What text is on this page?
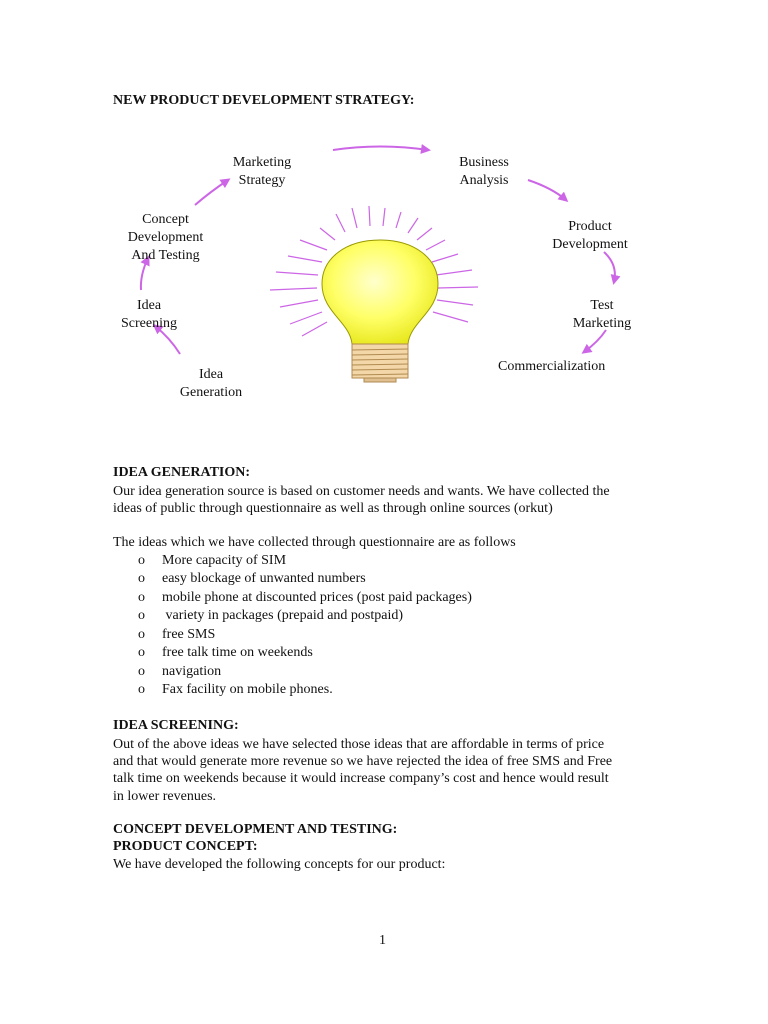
NEW PRODUCT DEVELOPMENT STRATEGY:
Marketing Strategy
Business Analysis
Concept Development And Testing
Product Development
Idea Screening
Test Marketing
Idea Generation
Commercialization
IDEA GENERATION:
Our idea generation source is based on customer needs and wants. We have collected the
ideas of public through questionnaire as well as through online sources (orkut)
The ideas which we have collected through questionnaire are as follows
o More capacity of SIM
o easy blockage of unwanted numbers
o mobile phone at discounted prices (post paid packages)
o variety in packages (prepaid and postpaid)
o free SMS
o free talk time on weekends
o navigation
o Fax facility on mobile phones.
IDEA SCREENING:
Out of the above ideas we have selected those ideas that are affordable in terms of price
and that would generate more revenue so we have rejected the idea of free SMS and Free
talk time on weekends because it would increase company’s cost and hence would result
in lower revenues.
CONCEPT DEVELOPMENT AND TESTING:
PRODUCT CONCEPT:
We have developed the following concepts for our product:
1
